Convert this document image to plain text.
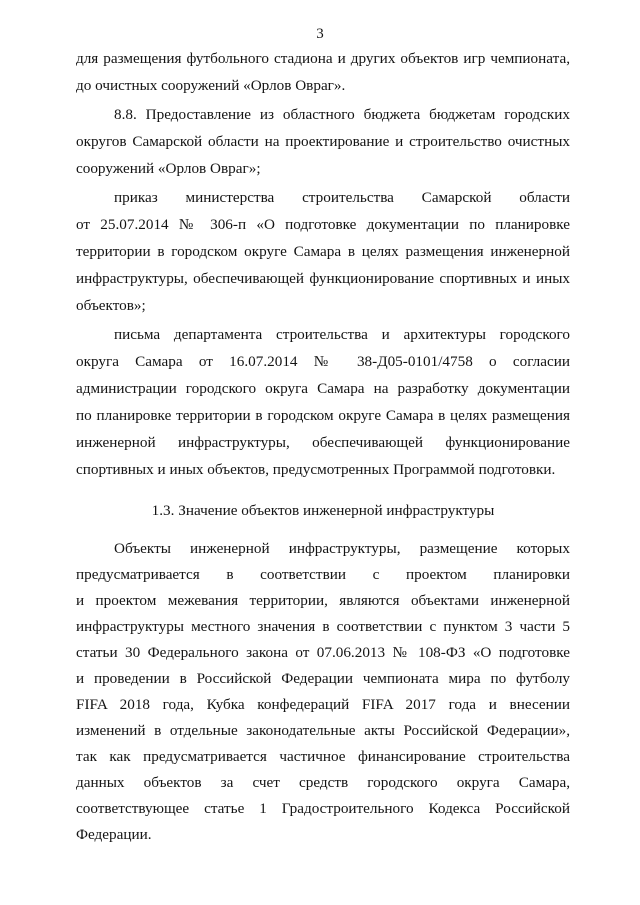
3
для размещения футбольного стадиона и других объектов игр чемпионата,
до очистных сооружений «Орлов Овраг».
8.8. Предоставление из областного бюджета бюджетам городских
округов Самарской области на проектирование и строительство очистных
сооружений «Орлов Овраг»;
приказ министерства строительства Самарской области
от 25.07.2014 № 306-п «О подготовке документации по планировке
территории в городском округе Самара в целях размещения инженерной
инфраструктуры, обеспечивающей функционирование спортивных и иных
объектов»;
письма департамента строительства и архитектуры городского
округа Самара от 16.07.2014 № 38-Д05-0101/4758 о согласии
администрации городского округа Самара на разработку документации
по планировке территории в городском округе Самара в целях размещения
инженерной инфраструктуры, обеспечивающей функционирование
спортивных и иных объектов, предусмотренных Программой подготовки.
1.3. Значение объектов инженерной инфраструктуры
Объекты инженерной инфраструктуры, размещение которых
предусматривается в соответствии с проектом планировки
и проектом межевания территории, являются объектами инженерной
инфраструктуры местного значения в соответствии с пунктом 3 части 5
статьи 30 Федерального закона от 07.06.2013 № 108-ФЗ «О подготовке
и проведении в Российской Федерации чемпионата мира по футболу
FIFA 2018 года, Кубка конфедераций FIFA 2017 года и внесении
изменений в отдельные законодательные акты Российской Федерации»,
так как предусматривается частичное финансирование строительства
данных объектов за счет средств городского округа Самара,
соответствующее статье 1 Градостроительного Кодекса Российской
Федерации.
